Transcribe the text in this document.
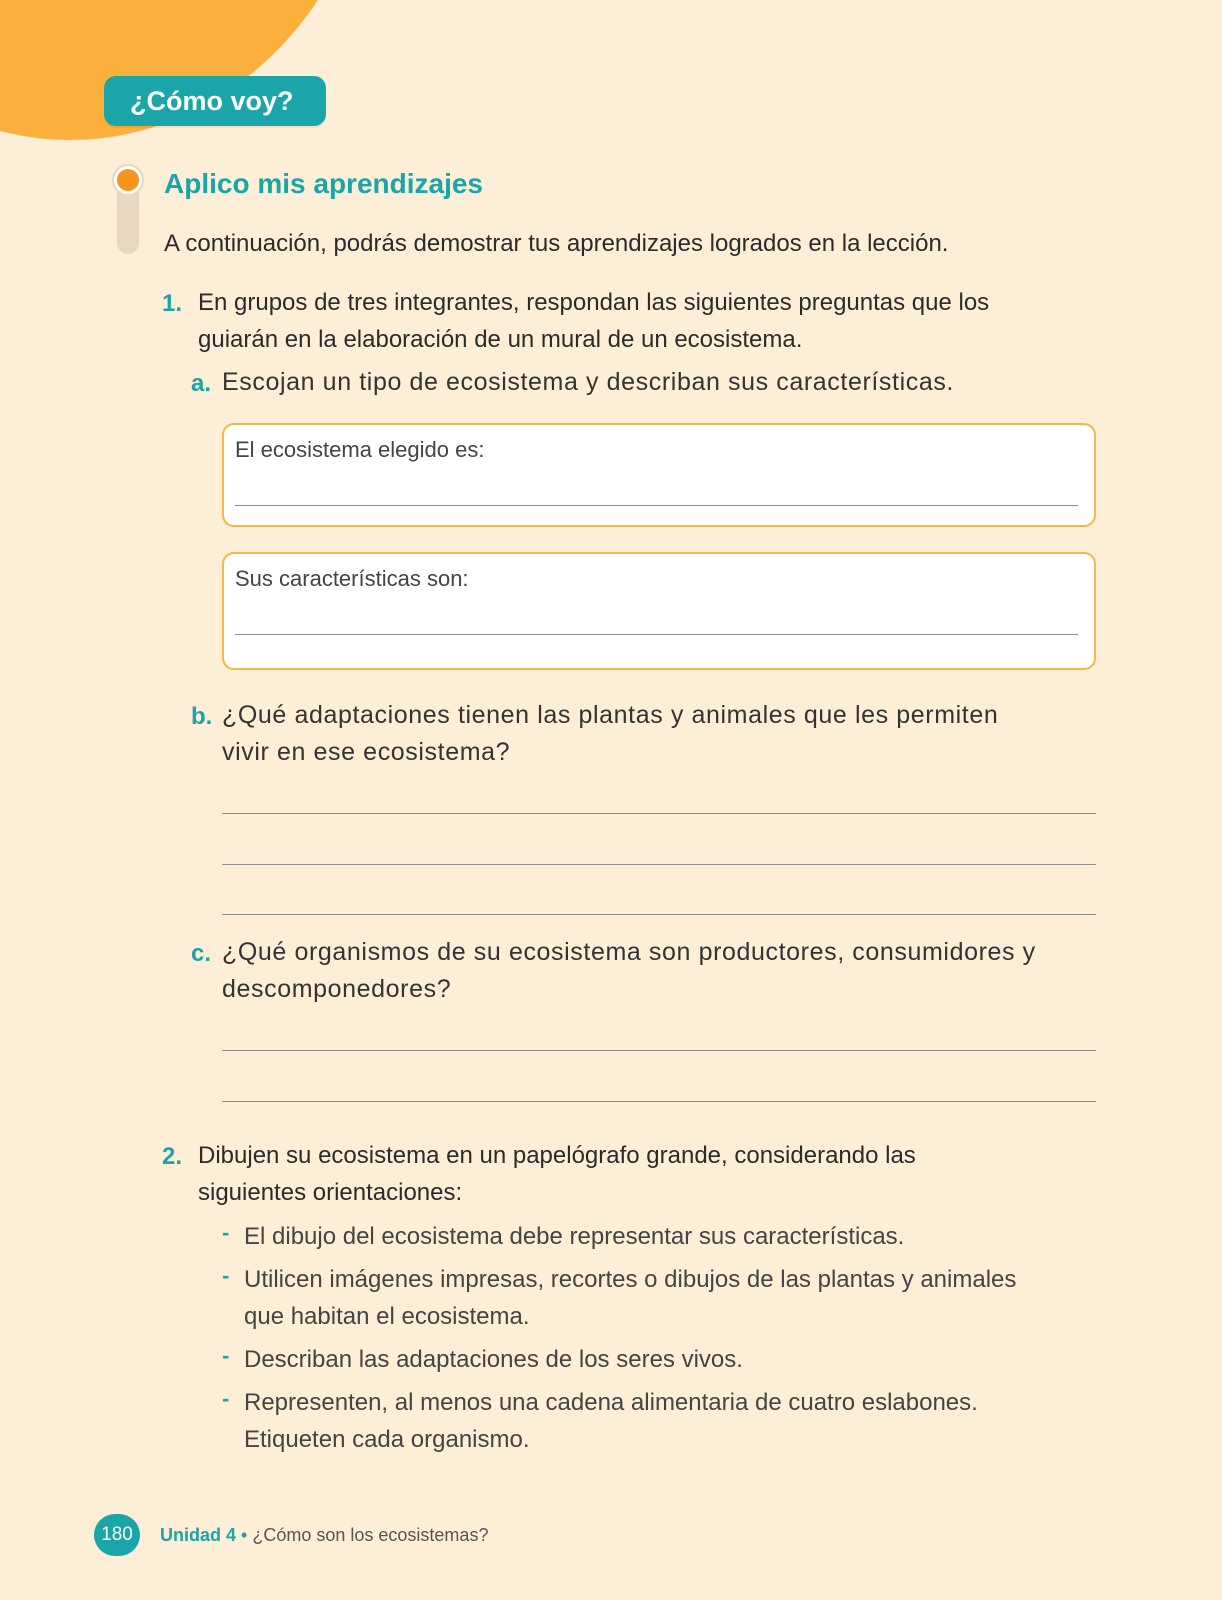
¿Cómo voy?
Aplico mis aprendizajes
A continuación, podrás demostrar tus aprendizajes logrados en la lección.
1. En grupos de tres integrantes, respondan las siguientes preguntas que los
guiarán en la elaboración de un mural de un ecosistema.
a. Escojan un tipo de ecosistema y describan sus características.
El ecosistema elegido es:
Sus características son:
b. ¿Qué adaptaciones tienen las plantas y animales que les permiten
vivir en ese ecosistema?
c. ¿Qué organismos de su ecosistema son productores, consumidores y
descomponedores?
2. Dibujen su ecosistema en un papelógrafo grande, considerando las
siguientes orientaciones:
- El dibujo del ecosistema debe representar sus características.
- Utilicen imágenes impresas, recortes o dibujos de las plantas y animales
que habitan el ecosistema.
- Describan las adaptaciones de los seres vivos.
- Representen, al menos una cadena alimentaria de cuatro eslabones.
Etiqueten cada organismo.
180	Unidad 4 • ¿Cómo son los ecosistemas?
